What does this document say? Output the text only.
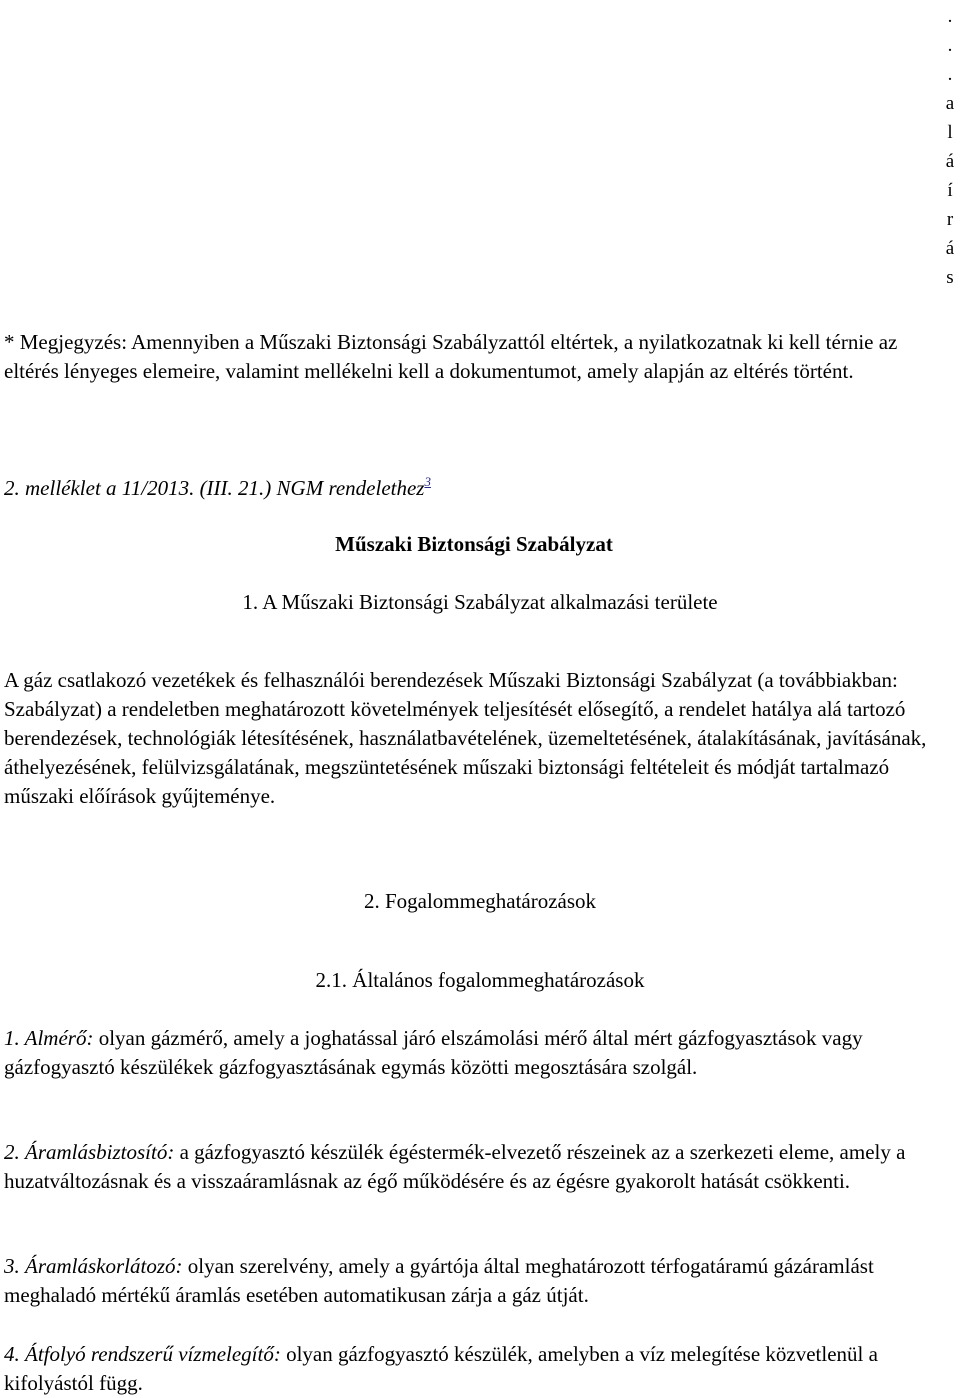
.
.
.
a
l
á
í
r
á
s

* Megjegyzés: Amennyiben a Műszaki Biztonsági Szabályzattól eltértek, a nyilatkozatnak ki kell térnie az eltérés lényeges elemeire, valamint mellékelni kell a dokumentumot, amely alapján az eltérés történt.

2. melléklet a 11/2013. (III. 21.) NGM rendelethez$^3$

Műszaki Biztonsági Szabályzat
1. A Műszaki Biztonsági Szabályzat alkalmazási területe

A gáz csatlakozó vezetékek és felhasználói berendezések Műszaki Biztonsági Szabályzat (a továbbiakban: Szabályzat) a rendeletben meghatározott követelmények teljesítését elősegítő, a rendelet hatálya alá tartozó berendezések, technológiák létesítésének, használatbavételének, üzemeltetésének, átalakításának, javításának, áthelyezésének, felülvizsgálatának, megszüntetésének műszaki biztonsági feltételeit és módját tartalmazó műszaki előírások gyűjteménye.

2. Fogalommeghatározások
2.1. Általános fogalommeghatározások

1. Almérő: olyan gázmérő, amely a joghatással járó elszámolási mérő által mért gázfogyasztások vagy gázfogyasztó készülékek gázfogyasztásának egymás közötti megosztására szolgál.

2. Áramlásbiztosító: a gázfogyasztó készülék égéstermék-elvezető részeinek az a szerkezeti eleme, amely a huzatváltozásnak és a visszaáramlásnak az égő működésére és az égésre gyakorolt hatását csökkenti.

3. Áramláskorlátozó: olyan szerelvény, amely a gyártója által meghatározott térfogatáramú gázáramlást meghaladó mértékű áramlás esetében automatikusan zárja a gáz útját.

4. Átfolyó rendszerű vízmelegítő: olyan gázfogyasztó készülék, amelyben a víz melegítése közvetlenül a kifolyástól függ.
